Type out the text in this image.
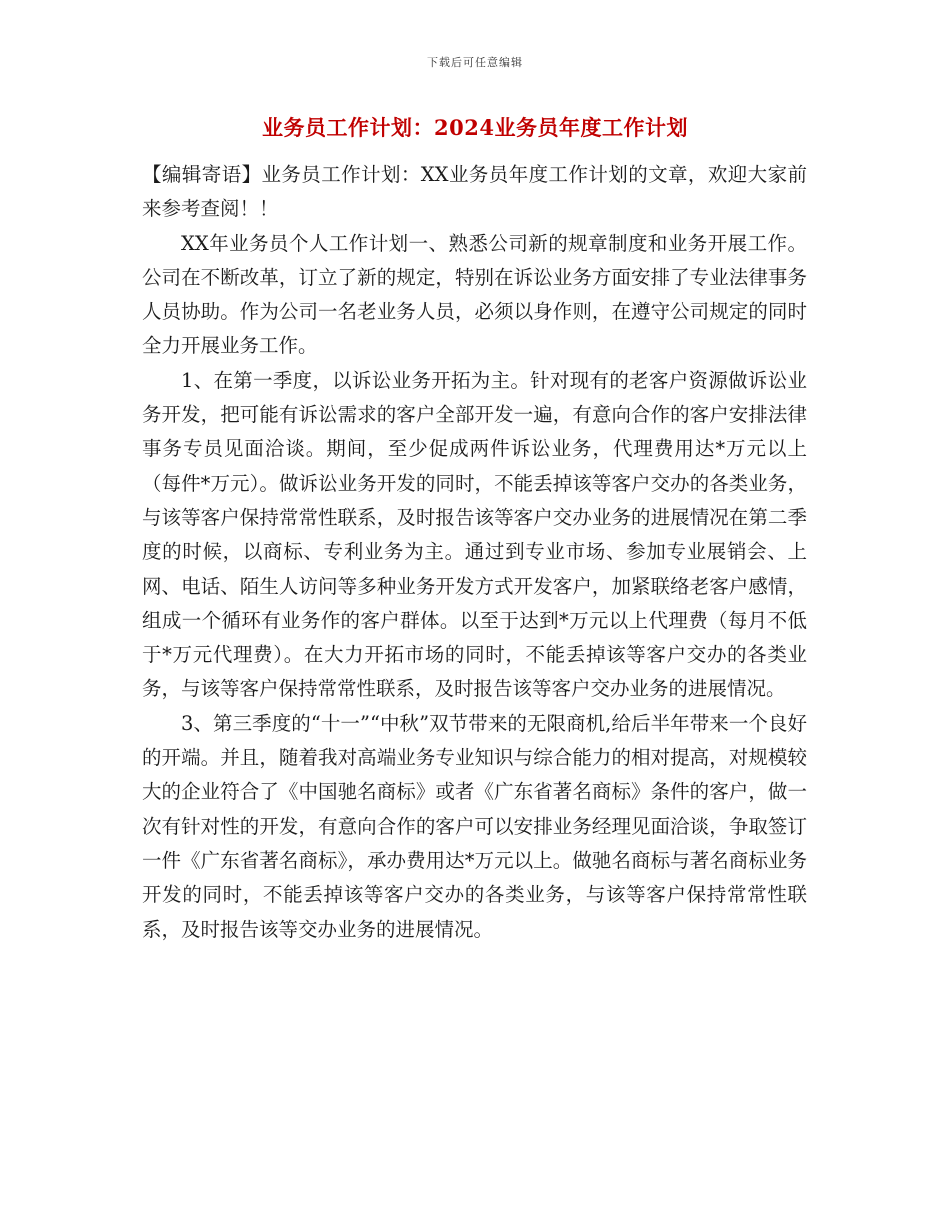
下载后可任意编辑
业务员工作计划：2024业务员年度工作计划

【编辑寄语】业务员工作计划：XX业务员年度工作计划的文章，欢迎大家前来参考查阅！！

XX年业务员个人工作计划一、熟悉公司新的规章制度和业务开展工作。公司在不断改革，订立了新的规定，特别在诉讼业务方面安排了专业法律事务人员协助。作为公司一名老业务人员，必须以身作则，在遵守公司规定的同时全力开展业务工作。

1、在第一季度，以诉讼业务开拓为主。针对现有的老客户资源做诉讼业务开发，把可能有诉讼需求的客户全部开发一遍，有意向合作的客户安排法律事务专员见面洽谈。期间，至少促成两件诉讼业务，代理费用达*万元以上（每件*万元）。做诉讼业务开发的同时，不能丢掉该等客户交办的各类业务，与该等客户保持常常性联系，及时报告该等客户交办业务的进展情况在第二季度的时候，以商标、专利业务为主。通过到专业市场、参加专业展销会、上网、电话、陌生人访问等多种业务开发方式开发客户，加紧联络老客户感情，组成一个循环有业务作的客户群体。以至于达到*万元以上代理费（每月不低于*万元代理费）。在大力开拓市场的同时，不能丢掉该等客户交办的各类业务，与该等客户保持常常性联系，及时报告该等客户交办业务的进展情况。

3、第三季度的“十一”“中秋”双节带来的无限商机,给后半年带来一个良好的开端。并且，随着我对高端业务专业知识与综合能力的相对提高，对规模较大的企业符合了《中国驰名商标》或者《广东省著名商标》条件的客户，做一次有针对性的开发，有意向合作的客户可以安排业务经理见面洽谈，争取签订一件《广东省著名商标》，承办费用达*万元以上。做驰名商标与著名商标业务开发的同时，不能丢掉该等客户交办的各类业务，与该等客户保持常常性联系，及时报告该等交办业务的进展情况。
